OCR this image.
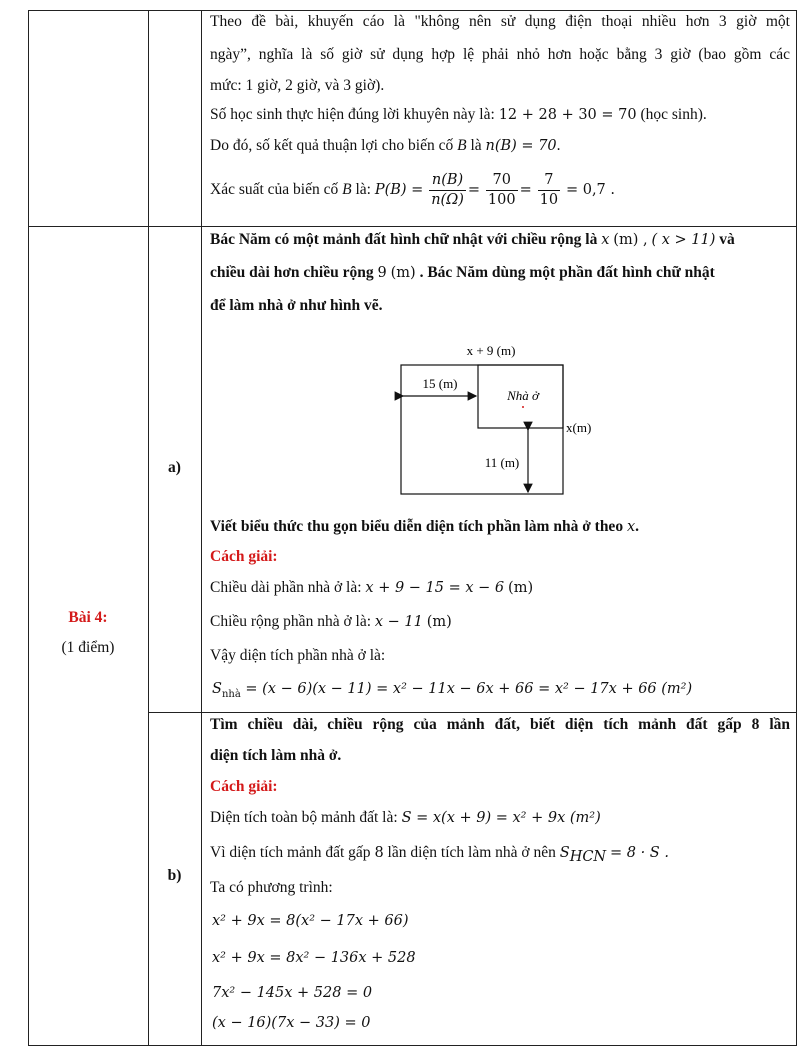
Theo đề bài, khuyến cáo là "không nên sử dụng điện thoại nhiều hơn 3 giờ một
ngày”, nghĩa là số giờ sử dụng hợp lệ phải nhỏ hơn hoặc bằng 3 giờ (bao gồm các
mức: 1 giờ, 2 giờ, và 3 giờ).
Số học sinh thực hiện đúng lời khuyên này là: 12 + 28 + 30 = 70 (học sinh).
Do đó, số kết quả thuận lợi cho biến cố B là n(B) = 70.
Xác suất của biến cố B là: $P(B) = \frac{n(B)}{n(\Omega)} = \frac{70}{100} = \frac{7}{10} = 0,7$ .
Bài 4:
(1 điểm)
a)
Bác Năm có một mảnh đất hình chữ nhật với chiều rộng là x (m) , ( x > 11) và
chiều dài hơn chiều rộng 9 (m) . Bác Năm dùng một phần đất hình chữ nhật
để làm nhà ở như hình vẽ.
x + 9 (m)
15 (m)
Nhà ở
x(m)
11 (m)
Viết biểu thức thu gọn biểu diễn diện tích phần làm nhà ở theo x.
Cách giải:
Chiều dài phần nhà ở là: x + 9 − 15 = x − 6 (m)
Chiều rộng phần nhà ở là: x − 11 (m)
Vậy diện tích phần nhà ở là:
$S_{nhà} = (x - 6)(x - 11) = x^2 - 11x - 6x + 66 = x^2 - 17x + 66$ (m²)
b)
Tìm chiều dài, chiều rộng của mảnh đất, biết diện tích mảnh đất gấp 8 lần
diện tích làm nhà ở.
Cách giải:
Diện tích toàn bộ mảnh đất là: S = x(x + 9) = x² + 9x (m²)
Vì diện tích mảnh đất gấp 8 lần diện tích làm nhà ở nên $S_{HCN} = 8 \cdot S$ .
Ta có phương trình:
x² + 9x = 8(x² − 17x + 66)
x² + 9x = 8x² − 136x + 528
7x² − 145x + 528 = 0
(x − 16)(7x − 33) = 0
